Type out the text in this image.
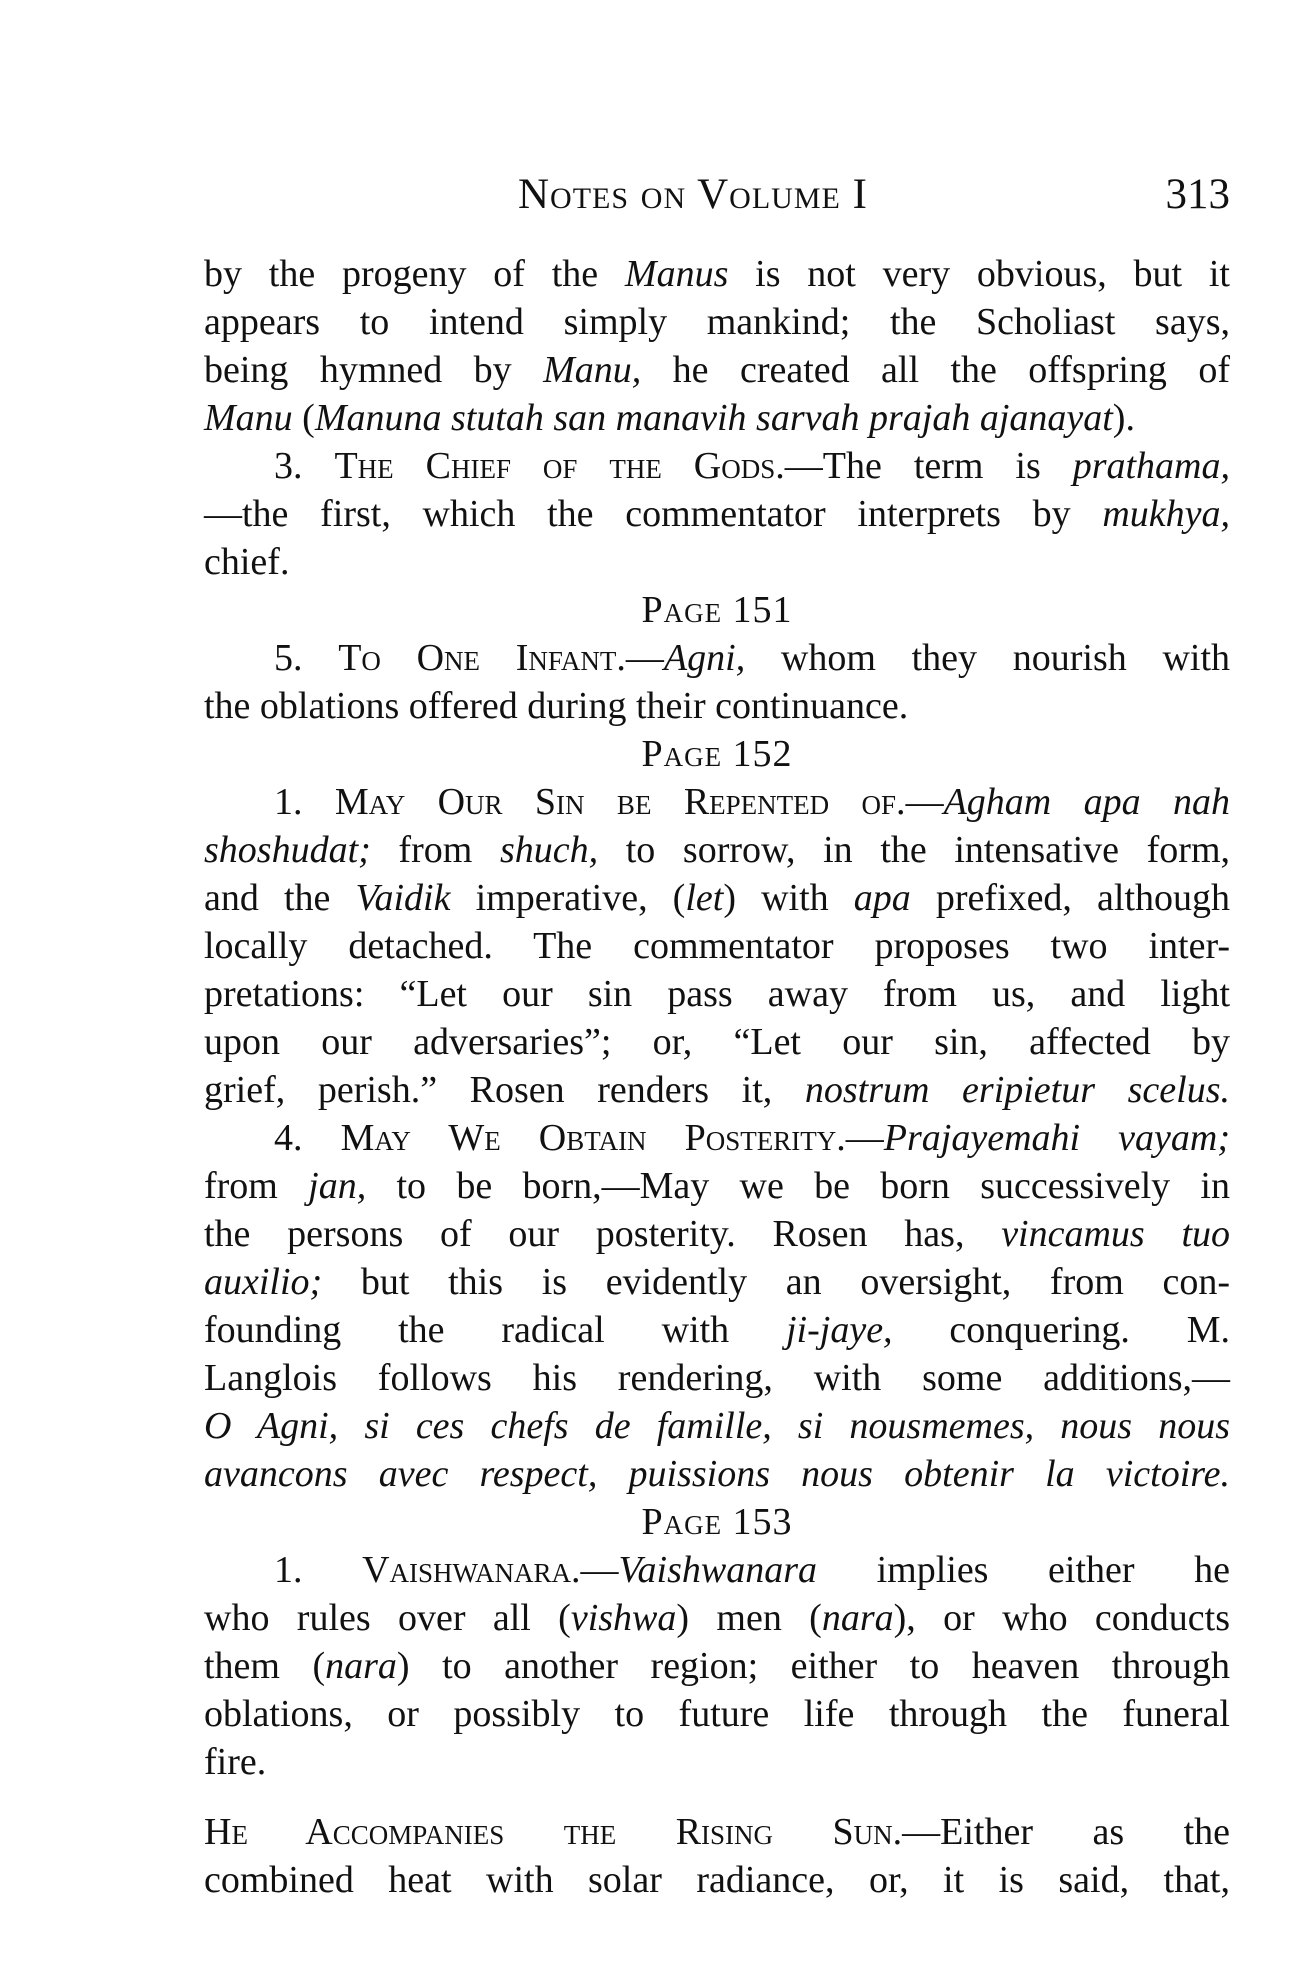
Notes on Volume I	313

by the progeny of the Manus is not very obvious, but it
appears to intend simply mankind; the Scholiast says,
being hymned by Manu, he created all the offspring of
Manu (Manuna stutah san manavih sarvah prajah ajanayat).

3. The Chief of the Gods.—The term is prathama,
—the first, which the commentator interprets by mukhya,
chief.

Page 151

5. To One Infant.—Agni, whom they nourish with
the oblations offered during their continuance.

Page 152

1. May Our Sin be Repented of.—Agham apa nah
shoshudat; from shuch, to sorrow, in the intensative form,
and the Vaidik imperative, (let) with apa prefixed, although
locally detached. The commentator proposes two inter-
pretations: “Let our sin pass away from us, and light
upon our adversaries”; or, “Let our sin, affected by
grief, perish.” Rosen renders it, nostrum eripietur scelus.

4. May We Obtain Posterity.—Prajayemahi vayam;
from jan, to be born,—May we be born successively in
the persons of our posterity. Rosen has, vincamus tuo
auxilio; but this is evidently an oversight, from con-
founding the radical with ji-jaye, conquering. M.
Langlois follows his rendering, with some additions,—
O Agni, si ces chefs de famille, si nousmemes, nous nous
avancons avec respect, puissions nous obtenir la victoire.

Page 153

1. Vaishwanara.—Vaishwanara implies either he
who rules over all (vishwa) men (nara), or who conducts
them (nara) to another region; either to heaven through
oblations, or possibly to future life through the funeral
fire.

He Accompanies the Rising Sun.—Either as the
combined heat with solar radiance, or, it is said, that,
